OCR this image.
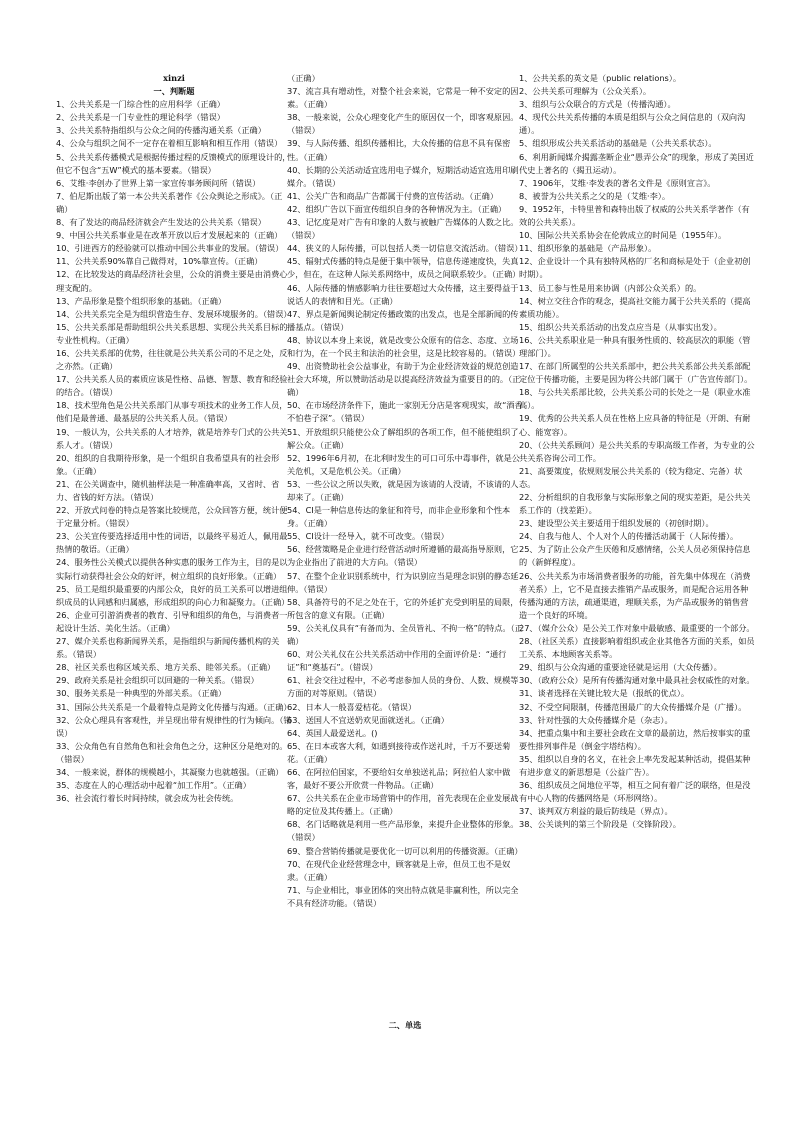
xinzi

一、判断题

1、公共关系是一门综合性的应用科学（正确）

2、公共关系是一门专业性的理论科学（错误）

3、公共关系特指组织与公众之间的传播沟通关系（正确）

4、公众与组织之间不一定存在着相互影响和相互作用（错误）

5、公共关系传播模式是根据传播过程的反馈模式的原理设计的，但它不包含“五W”模式的基本要素。（错误）

6、艾维·李创办了世界上第一家宣传事务顾问所（错误）

7、伯尼斯出版了第一本公共关系著作《公众舆论之形成》。（正确）

8、有了发达的商品经济就会产生发达的公共关系（错误）

9、中国公共关系事业是在改革开放以后才发展起来的（正确）

10、引进西方的经验就可以推动中国公共事业的发展。（错误）

11、公共关系90%靠自己做得对，10%靠宣传。（正确）

12、在比较发达的商品经济社会里，公众的消费主要是由消费心理支配的。

13、产品形象是整个组织形象的基础。（正确）

14、公共关系完全是为组织营造生存、发展环境服务的。（错误）

15、公共关系部是帮助组织公共关系思想、实现公共关系目标的专业性机构。（正确）

16、公共关系部的优势，往往就是公共关系公司的不足之处，反之亦然。（正确）

17、公共关系人员的素质应该是性格、品德、智慧、教育和经验的结合。（错误）

18、技术型角色是公共关系部门从事专项技术的业务工作人员，他们是最普通、最基层的公共关系人员。（错误）

19、一般认为，公共关系的人才培养，就是培养专门式的公共关系人才。（错误）

20、组织的自我期待形象，是一个组织自我希望具有的社会形象。（正确）

21、在公关调查中，随机抽样法是一种准确率高，又省时、省力、省钱的好方法。（错误）

22、开放式问卷的特点是答案比较规范，公众回答方便，统计便于定量分析。（错误）

23、公关宣传要选择适用中性的词语，以最终平易近人，佩用最热情的敬语。（正确）

24、服务性公关模式以提供各种实惠的服务工作为主，目的是以实际行动获得社会公众的好评，树立组织的良好形象。（正确）

25、员工是组织最重要的内部公众，良好的员工关系可以增进组织成员的认同感和归属感，形成组织的向心力和凝聚力。（正确）

26、企业可引游消费者的教育、引导和组织的角色，与消费者一起设计生活、美化生活。（正确）

27、媒介关系也称新闻界关系，是指组织与新闻传播机构的关系。（错误）

28、社区关系也称区域关系、地方关系、睦邻关系。（正确）

29、政府关系是社会组织可以回避的一种关系。（错误）

30、服务关系是一种典型的外部关系。（正确）

31、国际公共关系是一个最着特点是跨文化传播与沟通。（正确）

32、公众心理具有客观性，并呈现出带有规律性的行为倾向。（错误）

33、公众角色有自然角色和社会角色之分，这种区分是绝对的。（错误）

34、一般来说，群体的规模越小，其凝聚力也就越强。（正确）

35、态度在人的心理活动中起着“加工作用”。（正确）

36、社会流行着长时间持续，就会成为社会传统。

（正确）

37、流言具有增动性，对整个社会来说，它常是一种不安定的因素。（正确）

38、一般来说，公众心理变化产生的原因仅一个，即客观原因。（错误）

39、与人际传播、组织传播相比，大众传播的信息不具有保密性。（正确）

40、长期的公关活动适宜选用电子媒介，短期活动适宜选用印刷媒介。（错误）

41、公关广告和商品广告都属于付费的宣传活动。（正确）

42、组织广告以下面宣传组织自身的各种情况为主。（正确）

43、记忆度是对广告有印象的人数与被触广告媒体的人数之比。（错误）

44、狭义的人际传播，可以包括人类一切信息交流活动。（错误）

45、辐射式传播的特点是便于集中领导，信息传递速度快，失真少，但在，在这种人际关系网络中，成员之间联系较少。（正确）

46、人际传播的情感影响力往往要超过大众传播，这主要得益于说话人的表情和目光。（正确）

47、界点是新闻舆论制定传播政策的出发点，也是全部新闻的传播基点。（错误）

48、协议以本身上来说，就是改变公众原有的信念、态度、立场和行为，在一个民主和法治的社会里，这是比较容易的。（错误）

49、出资赞助社会公益事业，有助于为企业经济效益的规范创造社会大环境，所以赞助活动是以提高经济效益为重要目的的。（正确）

50、在市场经济条件下，施此一家别无分店是客观现实，故“酒香不怕巷子深”。（错误）

51、开放组织只能使公众了解组织的各项工作，但不能使组织了解公众。（正确）

52、1996年6月初，在北利时发生的可口可乐中毒事件，就是公关危机，又是危机公关。（正确）

53、一些公议之所以失败，就是因为该请的人没请，不该请的人却来了。（正确）

54、CI是一种信息传达的象征和符号，而非企业形象和个性本身。（正确）

55、CI设计一经导入，就不可改变。（错误）

56、经营策略是企业进行经营活动时所遵循的最高指导原则，它为企业指出了前进的大方向。（错误）

57、在整个企业识别系统中，行为识别应当是理念识别的静态延伸。（错误）

58、具备符号的不足之处在于，它的外延扩充受到明星的局限，所包含的意义有限。（正确）

59、公关礼仪具有“有备而为、全员皆礼、不拘一格”的特点。（正确）

60、对公关礼仪在公共关系活动中作用的全面评价是：“通行证”和“奠基石”。（错误）

61、社会交往过程中，不必考虑参加人员的身份、人数、规模等方面的对等原则。（错误）

62、日本人一般喜爱桔花。（错误）

63、送国人不宜送奶欢见面就送礼。（正确）

64、英国人最爱送礼。()

65、在日本或客大利，如遇到接待或作送礼时，千万不要送菊花。（正确）

66、在阿拉伯国家，不要给妇女单独送礼品；阿拉伯人家中做客，最好不要公开欣赏一件物品。（正确）

67、公共关系在企业市场营销中的作用，首先表现在企业发展战略的定位及其传播上。（正确）

68、名门话略就是利用一些产品形象，来提升企业整体的形象。（错误）

69、整合营销传播就是要优化一切可以利用的传播资源。（正确）

70、在现代企业经营理念中，顾客就是上帝，但员工也不是奴隶。（正确）

71、与企业相比，事业团体的突出特点就是非赢利性，所以完全不具有经济功能。（错误）

1、公共关系的英文是（public relations）。

2、公共关系可理解为（公众关系）。

3、组织与公众联合的方式是（传播沟通）。

4、现代公共关系传播的本质是组织与公众之间信息的（双向沟通）。

5、组织形成公共关系活动的基础是（公共关系状态）。

6、利用新闻媒介揭露垄断企业“愚弄公众”的现象，形成了美国近代史上著名的（揭丑运动）。

7、1906年，艾维·李发表的著名文件是《原则宣言》。

8、被誉为公共关系之父的是（艾维·李）。

9、1952年，卡特里普和森特出版了权威的公共关系学著作（有效的公共关系）。

10、国际公共关系协会在伦敦成立的时间是（1955年）。

11、组织形象的基础是（产品形象）。

12、企业设计一个具有独特风格的厂名和商标是处于（企业初创时期）。

13、员工参与性是用来协调（内部公众关系）的。

14、树立交往合作的观念，提高社交能力属于公共关系的（提高素质功能）。

15、组织公共关系活动的出发点应当是（从事实出发）。

16、公共关系职业是一种具有服务性质的、较高层次的职能（管理部门）。

17、在部门所属型的公共关系部中，把公共关系部公共关系部配定位于传播功能，主要是因为将公共部门属于（广告宣传部门）。

18、与公共关系部比较，公共关系公司的长处之一是（职业水准高）。

19、优秀的公共关系人员在性格上应具备的特征是（开朗、有耐心、能宽容）。

20、（公共关系顾问）是公共关系的专职高级工作者，为专业的公共关系咨询公司工作。

21、高要策度，依规则发展公共关系的（较为稳定、完备）状态。

22、分析组织的自我形象与实际形象之间的现实差距，是公共关系工作的（找差距）。

23、建设型公关主要适用于组织发展的（初创时期）。

24、自我与他人、个人对个人的传播活动属于（人际传播）。

25、为了防止公众产生厌倦和反感情绪，公关人员必须保持信息的（新鲜程度）。

26、公共关系为市场消费者服务的功能，首先集中体现在（消费者关系）上，它不是直接去推销产品或服务，而是配合运用各种传播沟通的方法，疏通渠道，理顺关系，为产品或服务的销售营造一个良好的环境。

27、（媒介公众）是公关工作对象中最敏感、最重要的一个部分。

28、（社区关系）直接影响着组织或企业其他各方面的关系，如员工关系、本地顾客关系等。

29、组织与公众沟通的重要途径就是运用（大众传播）。

30、（政府公众）是所有传播沟通对象中最具社会权威性的对象。

31、谈者选择在关键比较大是（报纸的优点）。

32、不受空间限制，传播范围最广的大众传播媒介是（广播）。

33、针对性强的大众传播媒介是（杂志）。

34、把重点集中和主要社会政在文章的最前边，然后按事实的重要性排列事件是（倒金字塔结构）。

35、组织以自身的名义，在社会上率先发起某种活动，提倡某种有进步意义的新思想是（公益广告）。

36、组织成员之间地位平等，相互之间有着广泛的联络，但是没有中心人物的传播网络是（环形网络）。

37、谈判双方利益的最后防线是（界点）。

38、公关谈判的第三个阶段是（交锋阶段）。

二、单选
